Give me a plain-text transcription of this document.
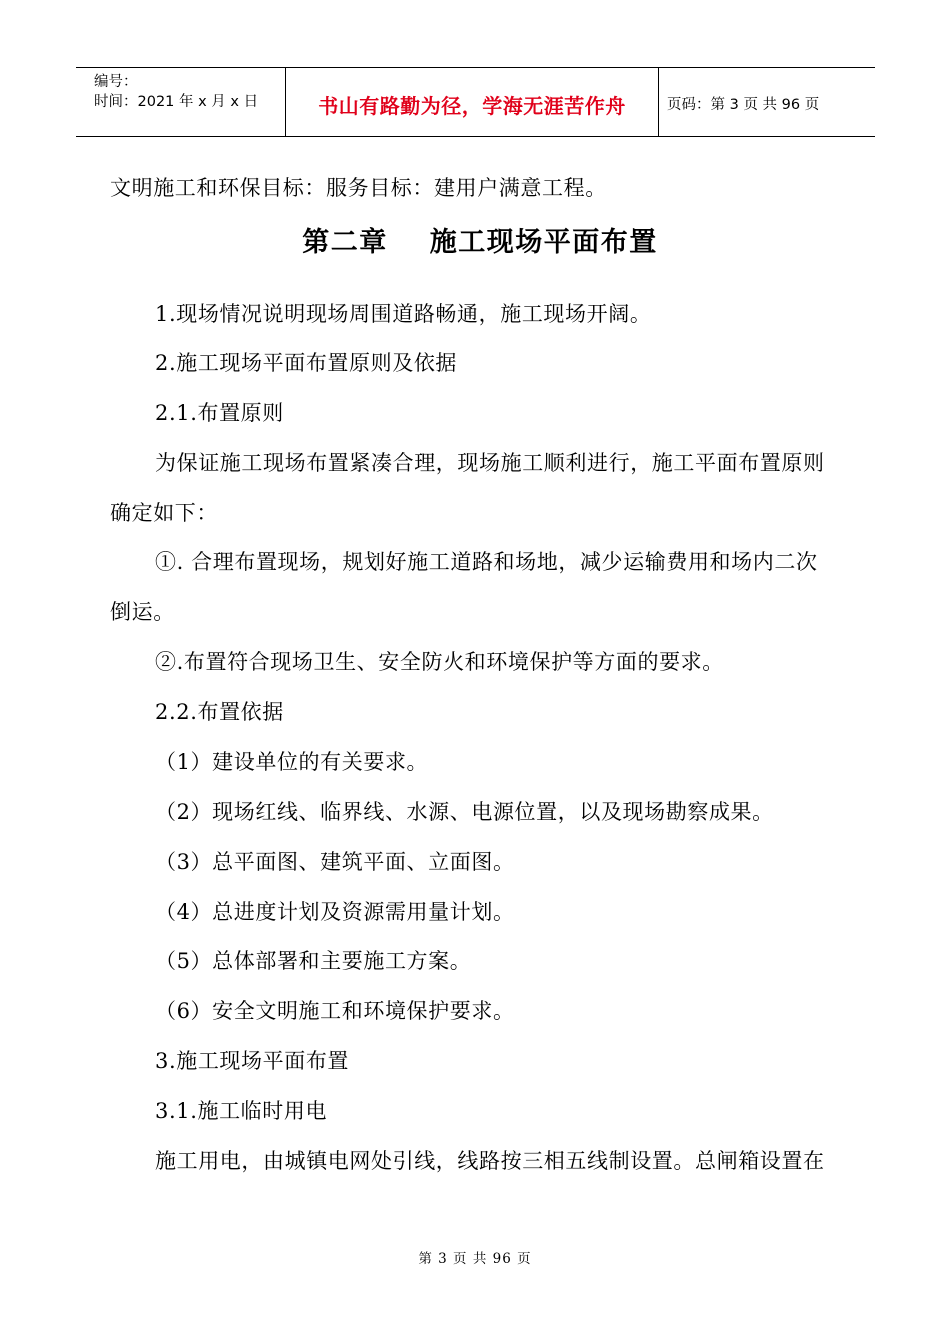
编号：
时间：2021 年 x 月 x 日	书山有路勤为径，学海无涯苦作舟	页码：第 3 页 共 96 页
文明施工和环保目标：服务目标：建用户满意工程。
第二章 施工现场平面布置
1.现场情况说明现场周围道路畅通，施工现场开阔。
2.施工现场平面布置原则及依据
2.1.布置原则
为保证施工现场布置紧凑合理，现场施工顺利进行，施工平面布置原则
确定如下：
①. 合理布置现场，规划好施工道路和场地，减少运输费用和场内二次
倒运。
②.布置符合现场卫生、安全防火和环境保护等方面的要求。
2.2.布置依据
（1）建设单位的有关要求。
（2）现场红线、临界线、水源、电源位置，以及现场勘察成果。
（3）总平面图、建筑平面、立面图。
（4）总进度计划及资源需用量计划。
（5）总体部署和主要施工方案。
（6）安全文明施工和环境保护要求。
3.施工现场平面布置
3.1.施工临时用电
施工用电，由城镇电网处引线，线路按三相五线制设置。总闸箱设置在
第 3 页 共 96 页
